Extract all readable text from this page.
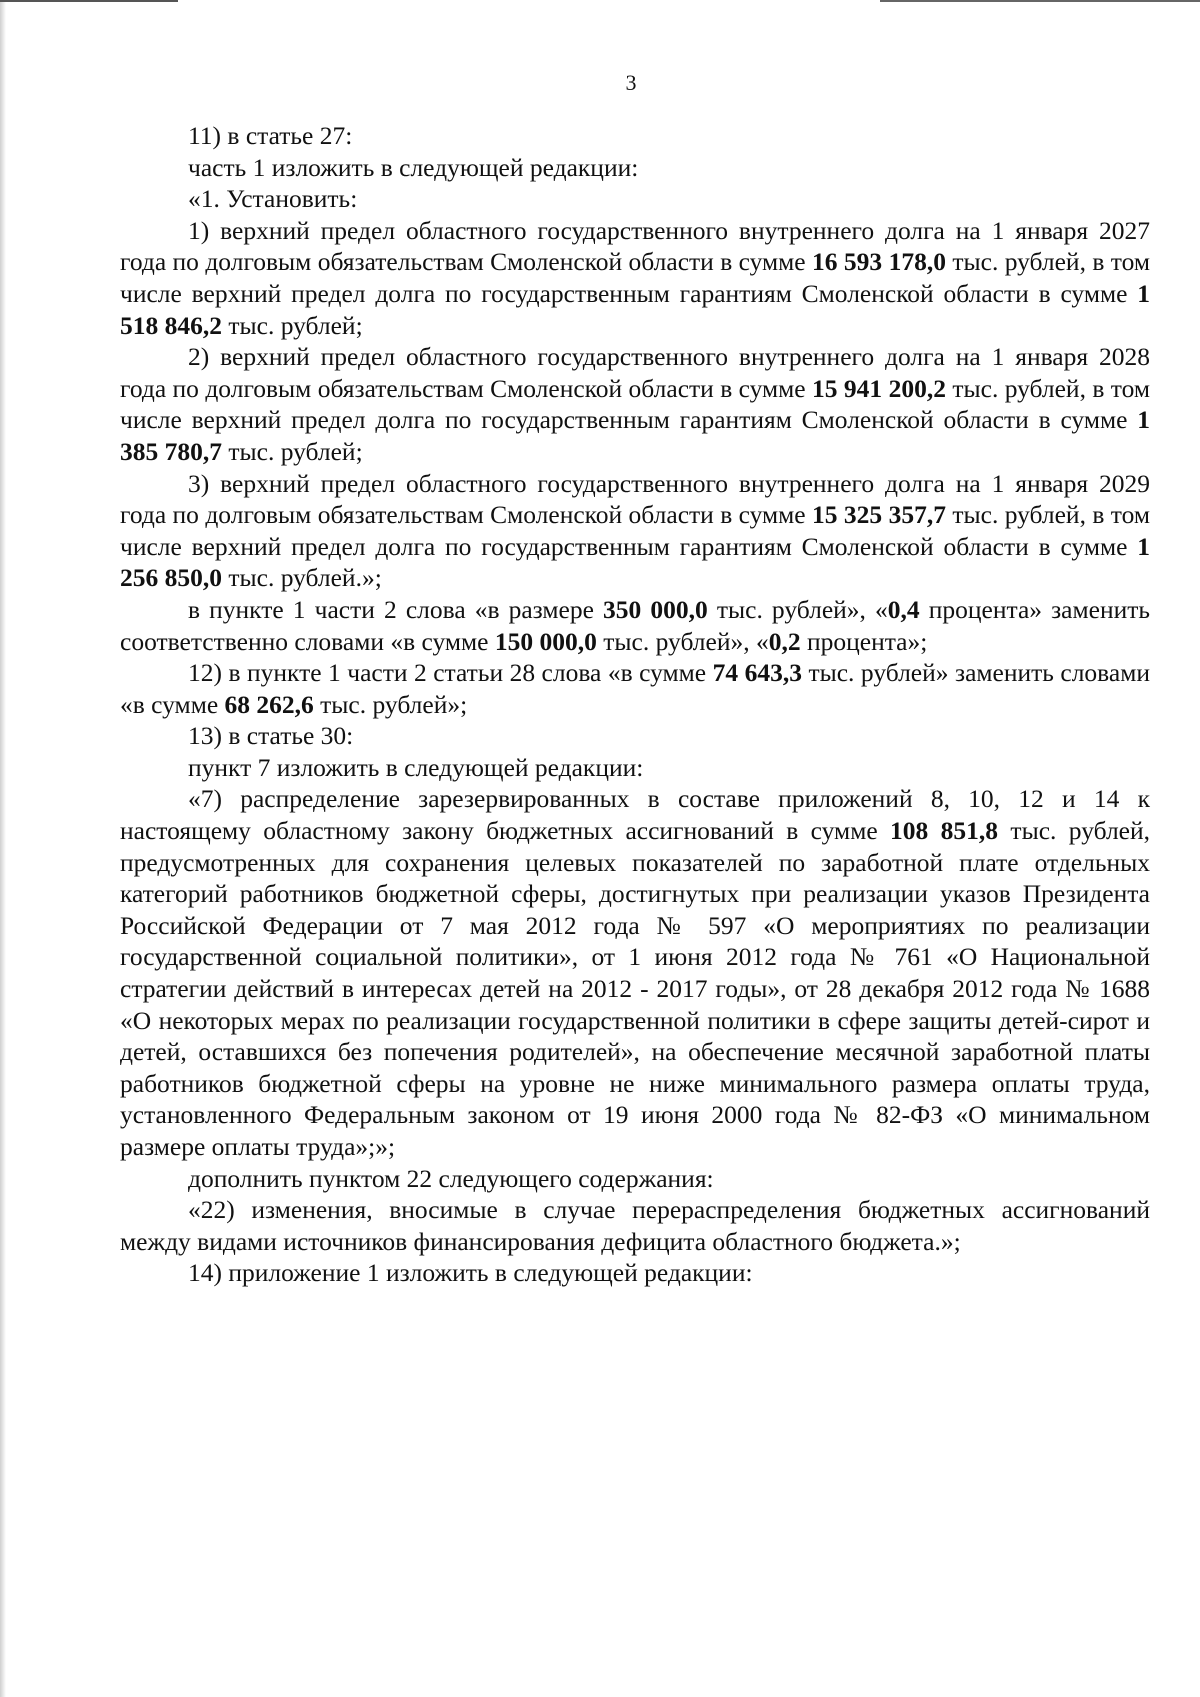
3

11) в статье 27:

часть 1 изложить в следующей редакции:

«1. Установить:

1) верхний предел областного государственного внутреннего долга на 1 января 2027 года по долговым обязательствам Смоленской области в сумме 16 593 178,0 тыс. рублей, в том числе верхний предел долга по государственным гарантиям Смоленской области в сумме 1 518 846,2 тыс. рублей;

2) верхний предел областного государственного внутреннего долга на 1 января 2028 года по долговым обязательствам Смоленской области в сумме 15 941 200,2 тыс. рублей, в том числе верхний предел долга по государственным гарантиям Смоленской области в сумме 1 385 780,7 тыс. рублей;

3) верхний предел областного государственного внутреннего долга на 1 января 2029 года по долговым обязательствам Смоленской области в сумме 15 325 357,7 тыс. рублей, в том числе верхний предел долга по государственным гарантиям Смоленской области в сумме 1 256 850,0 тыс. рублей.»;

в пункте 1 части 2 слова «в размере 350 000,0 тыс. рублей», «0,4 процента» заменить соответственно словами «в сумме 150 000,0 тыс. рублей», «0,2 процента»;

12) в пункте 1 части 2 статьи 28 слова «в сумме 74 643,3 тыс. рублей» заменить словами «в сумме 68 262,6 тыс. рублей»;

13) в статье 30:

пункт 7 изложить в следующей редакции:

«7) распределение зарезервированных в составе приложений 8, 10, 12 и 14 к настоящему областному закону бюджетных ассигнований в сумме 108 851,8 тыс. рублей, предусмотренных для сохранения целевых показателей по заработной плате отдельных категорий работников бюджетной сферы, достигнутых при реализации указов Президента Российской Федерации от 7 мая 2012 года № 597 «О мероприятиях по реализации государственной социальной политики», от 1 июня 2012 года № 761 «О Национальной стратегии действий в интересах детей на 2012 - 2017 годы», от 28 декабря 2012 года № 1688 «О некоторых мерах по реализации государственной политики в сфере защиты детей-сирот и детей, оставшихся без попечения родителей», на обеспечение месячной заработной платы работников бюджетной сферы на уровне не ниже минимального размера оплаты труда, установленного Федеральным законом от 19 июня 2000 года № 82-ФЗ «О минимальном размере оплаты труда»;»;

дополнить пунктом 22 следующего содержания:

«22) изменения, вносимые в случае перераспределения бюджетных ассигнований между видами источников финансирования дефицита областного бюджета.»;

14) приложение 1 изложить в следующей редакции:
